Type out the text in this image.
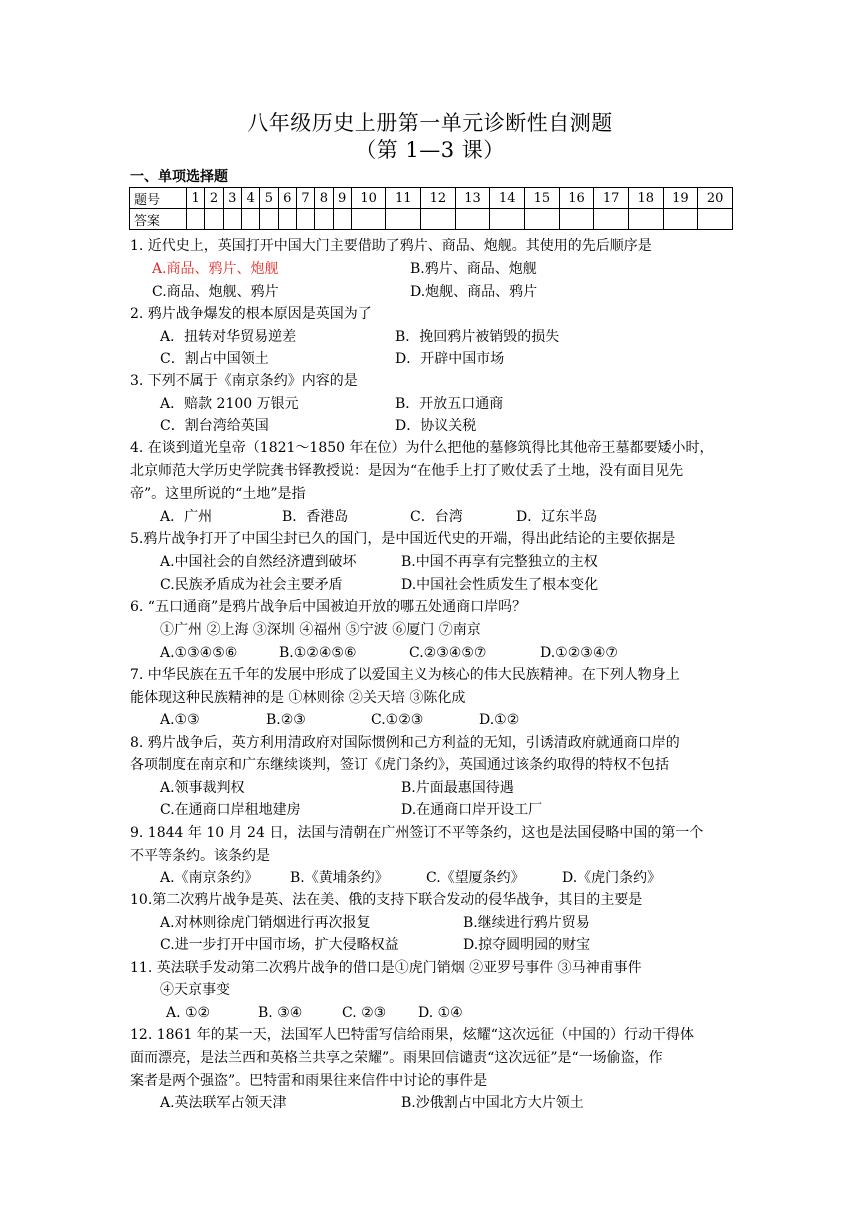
八年级历史上册第一单元诊断性自测题
（第 1—3 课）
一、单项选择题
题号	1	2	3	4	5	6	7	8	9	10	11	12	13	14	15	16	17	18	19	20
答案																				
1. 近代史上，英国打开中国大门主要借助了鸦片、商品、炮舰。其使用的先后顺序是
A.商品、鸦片、炮舰	B.鸦片、商品、炮舰
C.商品、炮舰、鸦片	D.炮舰、商品、鸦片
2. 鸦片战争爆发的根本原因是英国为了
A．扭转对华贸易逆差	B．挽回鸦片被销毁的损失
C．割占中国领土	D．开辟中国市场
3. 下列不属于《南京条约》内容的是
A．赔款 2100 万银元	B．开放五口通商
C．割台湾给英国	D．协议关税
4. 在谈到道光皇帝（1821～1850 年在位）为什么把他的墓修筑得比其他帝王墓都要矮小时，
北京师范大学历史学院龚书铎教授说：是因为“在他手上打了败仗丢了土地，没有面目见先
帝”。这里所说的“土地”是指
A．广州	B．香港岛	C．台湾	D．辽东半岛
5.鸦片战争打开了中国尘封已久的国门，是中国近代史的开端，得出此结论的主要依据是
A.中国社会的自然经济遭到破坏	B.中国不再享有完整独立的主权
C.民族矛盾成为社会主要矛盾	D.中国社会性质发生了根本变化
6. “五口通商”是鸦片战争后中国被迫开放的哪五处通商口岸吗？
①广州 ②上海 ③深圳 ④福州 ⑤宁波 ⑥厦门 ⑦南京
A.①③④⑤⑥	B.①②④⑤⑥	C.②③④⑤⑦	D.①②③④⑦
7. 中华民族在五千年的发展中形成了以爱国主义为核心的伟大民族精神。在下列人物身上
能体现这种民族精神的是 ①林则徐 ②关天培 ③陈化成
A.①③	B.②③	C.①②③	D.①②
8. 鸦片战争后，英方利用清政府对国际惯例和己方利益的无知，引诱清政府就通商口岸的
各项制度在南京和广东继续谈判，签订《虎门条约》，英国通过该条约取得的特权不包括
A.领事裁判权	B.片面最惠国待遇
C.在通商口岸租地建房	D.在通商口岸开设工厂
9. 1844 年 10 月 24 日，法国与清朝在广州签订不平等条约，这也是法国侵略中国的第一个
不平等条约。该条约是
A.《南京条约》 B.《黄埔条约》	C.《望厦条约》	D.《虎门条约》
10.第二次鸦片战争是英、法在美、俄的支持下联合发动的侵华战争，其目的主要是
A.对林则徐虎门销烟进行再次报复	B.继续进行鸦片贸易
C.进一步打开中国市场，扩大侵略权益	D.掠夺圆明园的财宝
11. 英法联手发动第二次鸦片战争的借口是①虎门销烟 ②亚罗号事件 ③马神甫事件
④天京事变
A. ①②	B. ③④	C. ②③ D. ①④
12. 1861 年的某一天，法国军人巴特雷写信给雨果，炫耀“这次远征（中国的）行动干得体
面而漂亮，是法兰西和英格兰共享之荣耀”。雨果回信谴责“这次远征”是“一场偷盗，作
案者是两个强盗”。巴特雷和雨果往来信件中讨论的事件是
A.英法联军占领天津	B.沙俄割占中国北方大片领土
